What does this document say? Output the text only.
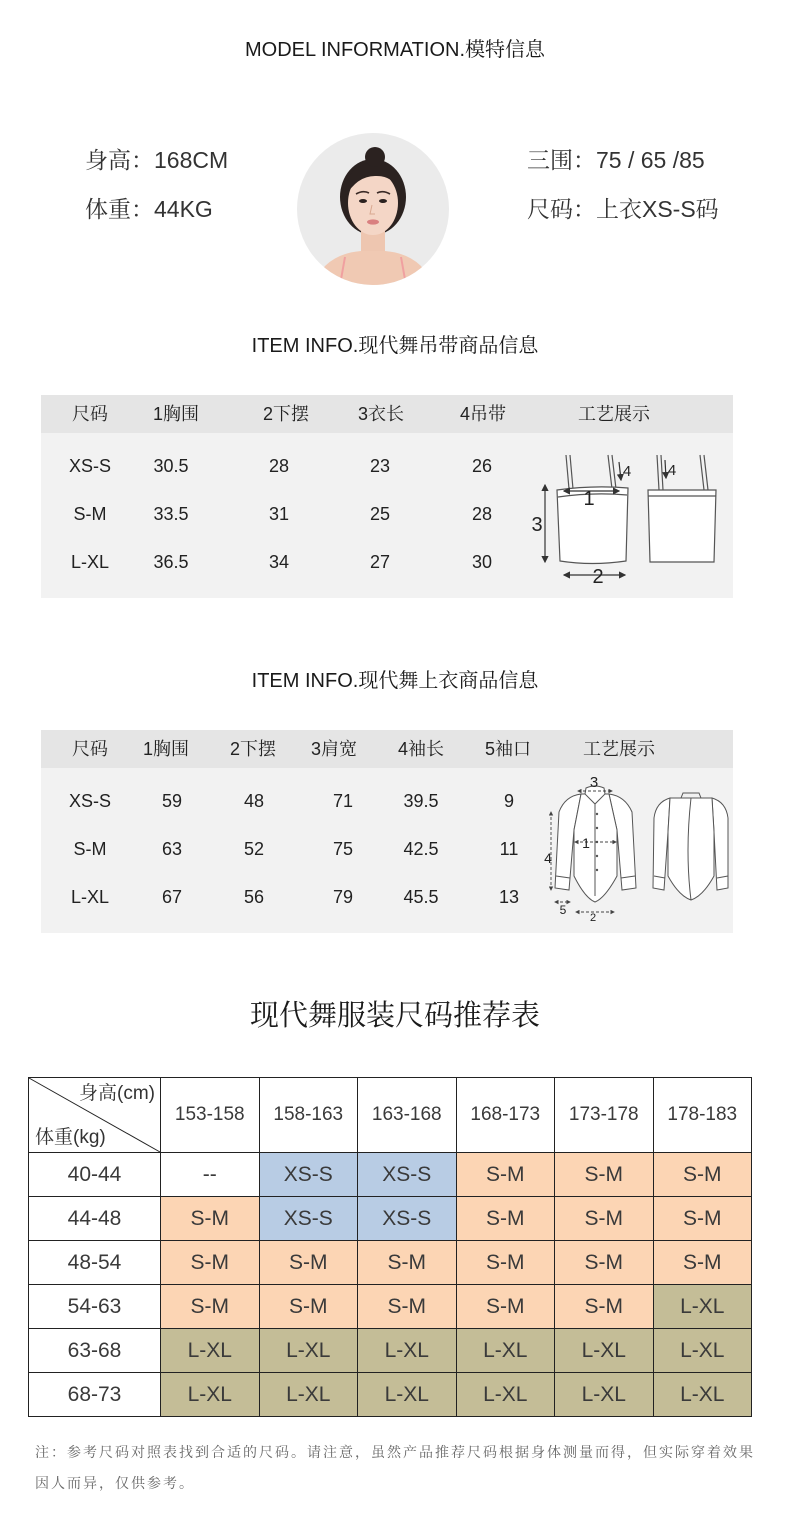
MODEL INFORMATION.模特信息
身高：168CM
体重：44KG
三围：75 / 65 /85
尺码：上衣XS-S码
ITEM INFO.现代舞吊带商品信息
尺码 1胸围	2下摆	3衣长	4吊带	工艺展示
XS-S 30.5	28	23	26
S-M	33.5	31	25	28
L-XL 36.5	34	27	30
1
3
2
4 4
ITEM INFO.现代舞上衣商品信息
尺码 1胸围 2下摆 3肩宽 4袖长 5袖口	工艺展示
XS-S	59	48	71	39.5	9
S-M	63	52	75	42.5	11
L-XL	67	56	79	45.5	13
3
1
4
5
2
现代舞服装尺码推荐表
身高(cm)
体重(kg)	153-158	158-163	163-168	168-173	173-178	178-183
40-44	--	XS-S	XS-S	S-M	S-M	S-M
44-48	S-M	XS-S	XS-S	S-M	S-M	S-M
48-54	S-M	S-M	S-M	S-M	S-M	S-M
54-63	S-M	S-M	S-M	S-M	S-M	L-XL
63-68	L-XL	L-XL	L-XL	L-XL	L-XL	L-XL
68-73	L-XL	L-XL	L-XL	L-XL	L-XL	L-XL

注：参考尺码对照表找到合适的尺码。请注意，虽然产品推荐尺码根据身体测量而得，但实际穿着效果因人而异，仅供参考。
